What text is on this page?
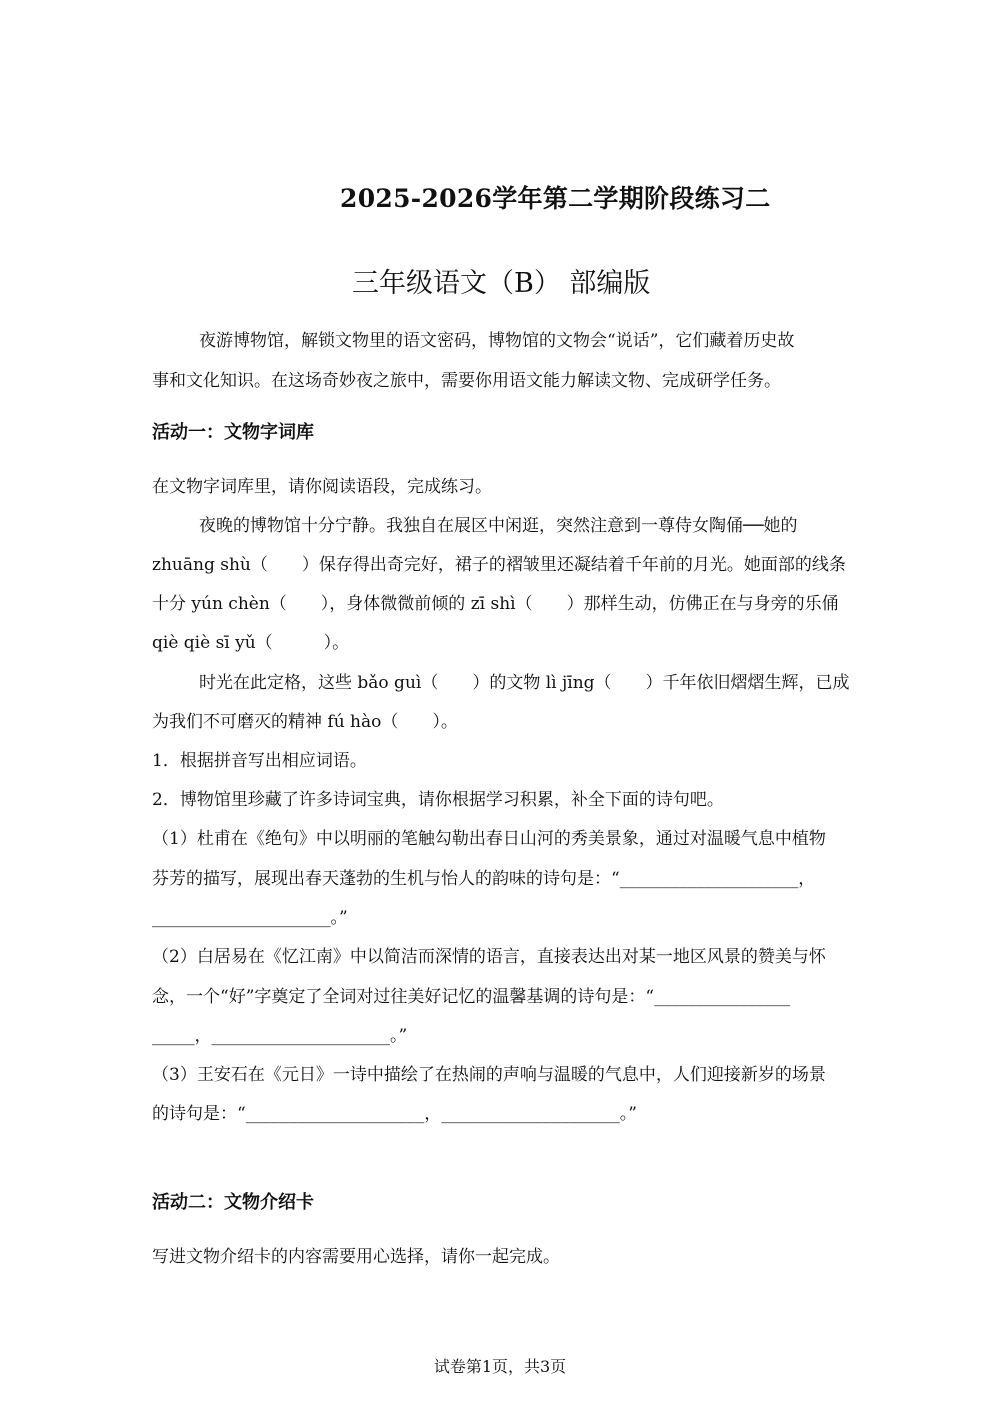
2025-2026学年第二学期阶段练习二
三年级语文（B） 部编版
夜游博物馆，解锁文物里的语文密码，博物馆的文物会“说话”，它们藏着历史故
事和文化知识。在这场奇妙夜之旅中，需要你用语文能力解读文物、完成研学任务。
活动一：文物字词库
在文物字词库里，请你阅读语段，完成练习。
夜晚的博物馆十分宁静。我独自在展区中闲逛，突然注意到一尊侍女陶俑──她的
zhuāng shù（　　）保存得出奇完好，裙子的褶皱里还凝结着千年前的月光。她面部的线条
十分 yún chèn（　　），身体微微前倾的 zī shì（　　）那样生动，仿佛正在与身旁的乐俑
qiè qiè sī yǔ（　　　）。
时光在此定格，这些 bǎo guì（　　）的文物 lì jīng（　　）千年依旧熠熠生辉，已成
为我们不可磨灭的精神 fú hào（　　）。
1．根据拼音写出相应词语。
2．博物馆里珍藏了许多诗词宝典，请你根据学习积累，补全下面的诗句吧。
（1）杜甫在《绝句》中以明丽的笔触勾勒出春日山河的秀美景象，通过对温暖气息中植物
芬芳的描写，展现出春天蓬勃的生机与怡人的韵味的诗句是：“_____________________，
_____________________。”
（2）白居易在《忆江南》中以简洁而深情的语言，直接表达出对某一地区风景的赞美与怀
念，一个“好”字奠定了全词对过往美好记忆的温馨基调的诗句是：“________________
_____，_____________________。”
（3）王安石在《元日》一诗中描绘了在热闹的声响与温暖的气息中，人们迎接新岁的场景
的诗句是：“_____________________，_____________________。”
活动二：文物介绍卡
写进文物介绍卡的内容需要用心选择，请你一起完成。
试卷第1页，共3页
